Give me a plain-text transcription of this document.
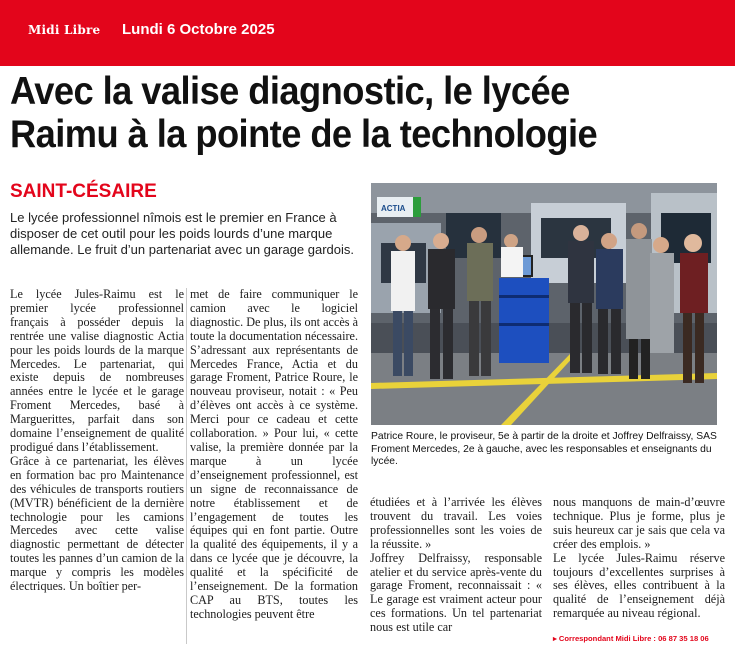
Midi Libre Lundi 6 Octobre 2025
Avec la valise diagnostic, le lycée Raimu à la pointe de la technologie
SAINT-CÉSAIRE

Le lycée professionnel nîmois est le premier en France à disposer de cet outil pour les poids lourds d’une marque allemande. Le fruit d’un partenariat avec un garage gardois.

Le lycée Jules-Raimu est le premier lycée professionnel français à posséder depuis la rentrée une valise diagnostic Actia pour les poids lourds de la marque Mercedes. Le partenariat, qui existe depuis de nombreuses années entre le lycée et le garage Froment Mercedes, basé à Marguerittes, parfait dans son domaine l’enseignement de qualité prodigué dans l’établissement.

Grâce à ce partenariat, les élèves en formation bac pro Maintenance des véhicules de transports routiers (MVTR) bénéficient de la dernière technologie pour les camions Mercedes avec cette valise diagnostic permettant de détecter toutes les pannes d’un camion de la marque y compris les modèles électriques. Un boîtier per-

met de faire communiquer le camion avec le logiciel diagnostic. De plus, ils ont accès à toute la documentation nécessaire. S’adressant aux représentants de Mercedes France, Actia et du garage Froment, Patrice Roure, le nouveau proviseur, notait : « Peu d’élèves ont accès à ce système. Merci pour ce cadeau et cette collaboration. » Pour lui, « cette valise, la première donnée par la marque à un lycée d’enseignement professionnel, est un signe de reconnaissance de notre établissement et de l’engagement de toutes les équipes qui en font partie. Outre la qualité des équipements, il y a dans ce lycée que je découvre, la qualité et la spécificité de l’enseignement. De la formation CAP au BTS, toutes les technologies peuvent être

étudiées et à l’arrivée les élèves trouvent du travail. Les voies professionnelles sont les voies de la réussite. »

Joffrey Delfraissy, responsable atelier et du service après-vente du garage Froment, reconnaissait : « Le garage est vraiment acteur pour ces formations. Un tel partenariat nous est utile car

nous manquons de main-d’œuvre technique. Plus je forme, plus je suis heureux car je sais que cela va créer des emplois. »

Le lycée Jules-Raimu réserve toujours d’excellentes surprises à ses élèves, elles contribuent à la qualité de l’enseignement déjà remarquée au niveau régional.

ACTIA

Patrice Roure, le proviseur, 5e à partir de la droite et Joffrey Delfraissy, SAS Froment Mercedes, 2e à gauche, avec les responsables et enseignants du lycée.

▸ Correspondant Midi Libre : 06 87 35 18 06
